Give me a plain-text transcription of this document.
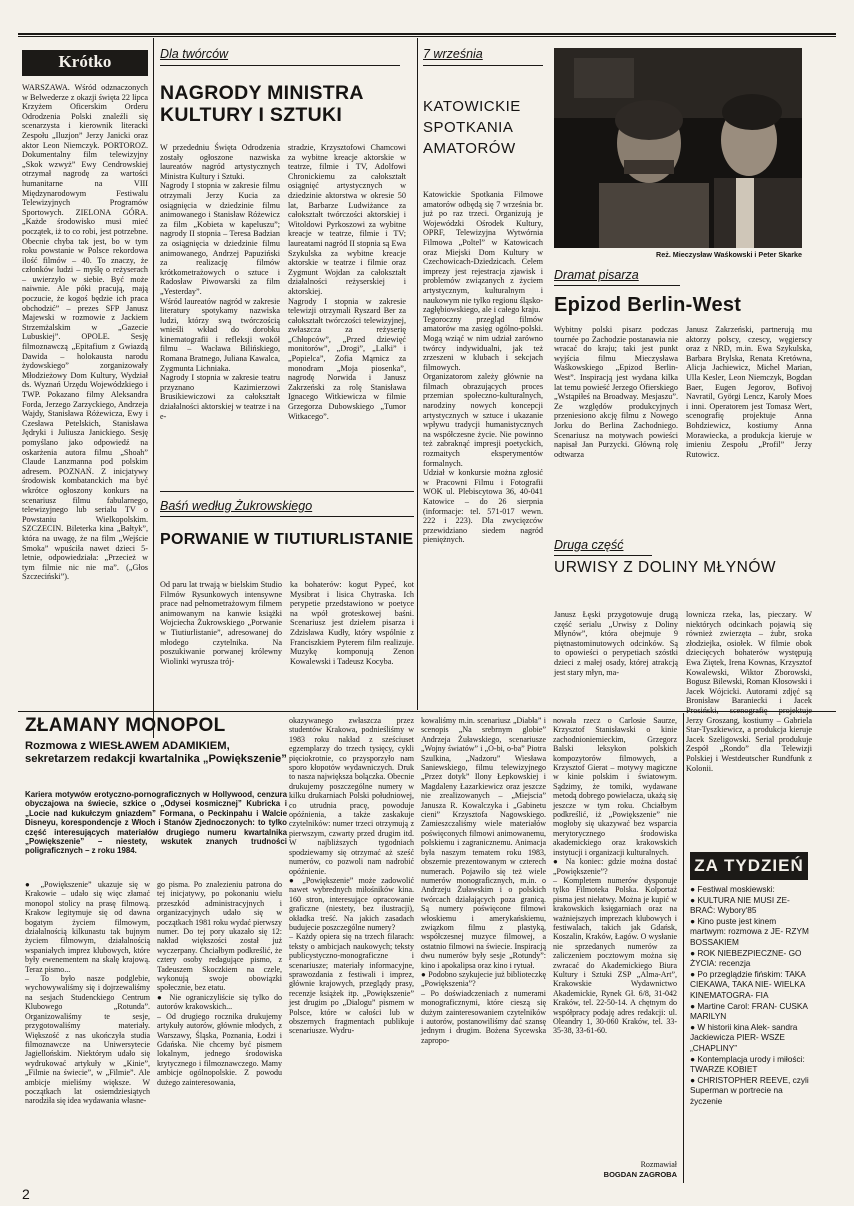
Krótko
WARSZAWA. Wśród odznaczonych w Belwederze z okazji święta 22 lipca Krzyżem Oficerskim Orderu Odrodzenia Polski znaleźli się scenarzysta i kierownik literacki Zespołu „Iluzjon” Jerzy Janicki oraz aktor Leon Niemczyk. PORTOROZ. Dokumentalny film telewizyjny „Skok wzwyż” Ewy Cendrowskiej otrzymał nagrodę za wartości humanitarne na VIII Międzynarodowym Festiwalu Telewizyjnych Programów Sportowych. ZIELONA GÓRA. „Każde środowisko musi mieć początek, iż to co robi, jest potrzebne. Obecnie chyba tak jest, bo w tym roku powstanie w Polsce rekordowa ilość filmów – 40. To znaczy, że członków ludzi – myślę o reżyserach – uwierzyło w siebie. Być może naiwnie. Ale póki pracują, mają poczucie, że kogoś będzie ich praca obchodzić” – prezes SFP Janusz Majewski w rozmowie z Jackiem Strzemżalskim w „Gazecie Lubuskiej”. OPOLE. Sesję filmoznawczą „Epitafium z Gwiazdą Dawida – holokausta narodu żydowskiego” zorganizowały Młodzieżowy Dom Kultury, Wydział ds. Wyznań Urzędu Wojewódzkiego i TWP. Pokazano filmy Aleksandra Forda, Jerzego Zarzyckiego, Andrzeja Wajdy, Stanisława Różewicza, Ewy i Czesława Petelskich, Stanisława Jędryki i Juliusza Janickiego. Sesję pomyślano jako odpowiedź na oskarżenia autora filmu „Shoah” Claude Lanzmanna pod polskim adresem. POZNAŃ. Z inicjatywy środowisk kombatanckich ma być wkrótce ogłoszony konkurs na scenariusz filmu fabularnego, telewizyjnego lub serialu TV o Powstaniu Wielkopolskim. SZCZECIN. Bileterka kina „Bałtyk”, która na uwagę, że na film „Wejście Smoka” wpuściła nawet dzieci 5-letnie, odpowiedziała: „Przecież w tym filmie nic nie ma”. („Głos Szczeciński”).
Dla twórców
NAGRODY MINISTRA KULTURY I SZTUKI
W przededniu Święta Odrodzenia zostały ogłoszone nazwiska laureatów nagród artystycznych Ministra Kultury i Sztuki.
Nagrody I stopnia w zakresie filmu otrzymali Jerzy Kucia za osiągnięcia w dziedzinie filmu animowanego i Stanisław Różewicz za film „Kobieta w kapeluszu”; nagrody II stopnia – Teresa Badzian za osiągnięcia w dziedzinie filmu animowanego, Andrzej Papuziński za realizację filmów krótkometrażowych o sztuce i Radosław Piwowarski za film „Yesterday”.
Wśród laureatów nagród w zakresie literatury spotykamy nazwiska ludzi, którzy swą twórczością wnieśli wkład do dorobku kinematografii i refleksji wokół filmu – Wacława Bilińskiego, Romana Bratnego, Juliana Kawalca, Zygmunta Lichniaka.
Nagrody I stopnia w zakresie teatru przyznano Kazimierzowi Brusikiewiczowi za całokształt działalności aktorskiej w teatrze i na e-
stradzie, Krzysztofowi Chamcowi za wybitne kreacje aktorskie w teatrze, filmie i TV, Adolfowi Chronickiemu za całokształt osiągnięć artystycznych w dziedzinie aktorstwa w okresie 50 lat, Barbarze Ludwiżance za całokształt twórczości aktorskiej i Witoldowi Pyrkoszowi za wybitne kreacje w teatrze, filmie i TV; laureatami nagród II stopnia są Ewa Szykulska za wybitne kreacje aktorskie w teatrze i filmie oraz Zygmunt Wojdan za całokształt działalności reżyserskiej i aktorskiej.
Nagrody I stopnia w zakresie telewizji otrzymali Ryszard Ber za całokształt twórczości telewizyjnej, zwłaszcza za reżyserię „Chłopców”, „Przed dziewięć monitorów”, „Drogi”, „Lalki” i „Popielca”, Zofia Mąrnicz za monodram „Moja piosenka”, nagrodę Norwida i Janusz Zakrzeński za rolę Stanisława Ignacego Witkiewicza w filmie Grzegorza Dubowskiego „Tumor Witkacego”.
Baśń według Żukrowskiego
PORWANIE W TIUTIURLISTANIE
Od paru lat trwają w bielskim Studio Filmów Rysunkowych intensywne prace nad pełnometrażowym filmem animowanym na kanwie książki Wojciecha Żukrowskiego „Porwanie w Tiutiurlistanie”, adresowanej do młodego czytelnika. Na poszukiwanie porwanej królewny Wiolinki wyrusza trój-
ka bohaterów: kogut Pypeć, kot Mysibrat i lisica Chytraska. Ich perypetie przedstawiono w poetyce na wpół groteskowej baśni. Scenariusz jest dziełem pisarza i Zdzisława Kudły, który wspólnie z Franciszkiem Pyterem film realizuje. Muzykę komponują Zenon Kowalewski i Tadeusz Kocyba.
7 września
KATOWICKIE SPOTKANIA AMATORÓW
Katowickie Spotkania Filmowe amatorów odbędą się 7 września br. już po raz trzeci. Organizują je Wojewódzki Ośrodek Kultury, OPRF, Telewizyjna Wytwórnia Filmowa „Poltel” w Katowicach oraz Miejski Dom Kultury w Czechowicach-Dziedzicach. Celem imprezy jest rejestracja zjawisk i problemów związanych z życiem artystycznym, kulturalnym i naukowym nie tylko regionu śląsko-zagłębiowskiego, ale i całego kraju.
Tegoroczny przegląd filmów amatorów ma zasięg ogólno-polski. Mogą wziąć w nim udział zarówno twórcy indywidualni, jak też zrzeszeni w klubach i sekcjach filmowych.
Organizatorom zależy głównie na filmach obrazujących proces przemian społeczno-kulturalnych, narodziny nowych koncepcji artystycznych w sztuce i ukazanie wpływu tradycji humanistycznych na współczesne życie. Nie powinno też zabraknąć impresji poetyckich, rozmaitych eksperymentów formalnych.
Udział w konkursie można zgłosić w Pracowni Filmu i Fotografii WOK ul. Plebiscytowa 36, 40-041 Katowice – do 26 sierpnia (informacje: tel. 571-017 wewn. 222 i 223). Dla zwycięzców przewidziano siedem nagród pieniężnych.
Reż. Mieczysław Waśkowski i Peter Skarke
Dramat pisarza
Epizod Berlin-West
Wybitny polski pisarz podczas tournée po Zachodzie postanawia nie wracać do kraju; taki jest punkt wyjścia filmu Mieczysława Waśkowskiego „Epizod Berlin-West”. Inspiracją jest wydana kilka lat temu powieść Jerzego Ofierskiego „Wstąpiłeś na Broadway. Mesjaszu”. Ze względów produkcyjnych przeniesiono akcję filmu z Nowego Jorku do Berlina Zachodniego. Scenariusz na motywach powieści napisał Jan Purzycki. Główną rolę odtwarza
Janusz Zakrzeński, partnerują mu aktorzy polscy, czescy, węgierscy oraz z NRD, m.in. Ewa Szykulska, Barbara Brylska, Renata Kretówna, Alicja Jachiewicz, Michel Marian, Ulla Kesler, Leon Niemczyk, Bogdan Baer, Eugen Jegorov, Bofivoj Navratil, Györgi Lencz, Karoly Moes i inni. Operatorem jest Tomasz Wert, scenografię projektuje Anna Bohdziewicz, kostiumy Anna Morawiecka, a produkcja kieruje w imieniu Zespołu „Profil” Jerzy Rutowicz.
Druga część
URWISY Z DOLINY MŁYNÓW
Janusz Łęski przygotowuje drugą część serialu „Urwisy z Doliny Młynów”, która obejmuje 9 piętnastominutowych odcinków. Są to opowieści o perypetiach szóstki dzieci z małej osady, której atrakcją jest stary młyn, ma-
lownicza rzeka, las, pieczary. W niektórych odcinkach pojawią się również zwierzęta – żubr, sroka złodziejka, osiołek. W filmie obok dziecięcych bohaterów występują Ewa Ziętek, Irena Kownas, Krzysztof Kowalewski, Wiktor Zborowski, Bogusz Bilewski, Roman Kłosowski i Jacek Wójcicki. Autorami zdjęć są Bronisław Baraniecki i Jacek Jerzy Groszang, kostiumy – Gabriela Star-Tyszkiewicz, a produkcja kieruje Jacek Szeligowski. Serial produkuje Zespół „Rondo” dla Telewizji Polskiej i Westdeutscher Rundfunk z Kolonii.
ZŁAMANY MONOPOL
Rozmowa z WIESŁAWEM ADAMIKIEM, sekretarzem redakcji kwartalnika „Powiększenie”
Kariera motywów erotyczno-pornograficznych w Hollywood, cenzura obyczajowa na świecie, szkice o „Odysei kosmicznej” Kubricka i „Locie nad kukułczym gniazdem” Formana, o Peckinpahu i Walcie Disneyu, korespondencje z Włoch i Stanów Zjednoczonych: to tylko część interesujących materiałów drugiego numeru kwartalnika „Powiększenie” – niestety, wskutek znanych trudności poligraficznych – z roku 1984.
● „Powiększenie” ukazuje się w Krakowie – udało się więc złamać monopol stolicy na prasę filmową. Krakow legitymuje się od dawna bogatym życiem filmowym, działalnością kilkunastu tak bujnym życiem filmowym, działalnością wspaniałych imprez klubowych, które były ewenementem na skalę krajową. Teraz pismo...
– To było nasze podglebie, wychowywaliśmy się i dojrzewaliśmy na sesjach Studenckiego Centrum Klubowego „Rotunda”. Organizowaliśmy te sesje, przygotowaliśmy materiały. Większość z nas ukończyła studia filmoznawcze na Uniwersytecie Jagiellońskim. Niektórym udało się wydrukować artykuły w „Kinie”, „Filmie na świecie”, w „Filmie”. Ale ambicje mieliśmy większe. W początkach lat osiemdziesiątych narodziła się idea wydawania własne-
go pisma. Po znalezieniu patrona do tej inicjatywy, po pokonaniu wielu przeszkód administracyjnych i organizacyjnych udało się w początkach 1981 roku wydać pierwszy numer. Do tej pory ukazało się 12: nakład większości został już wyczerpany. Chciałbym podkreślić, że cztery osoby redagujące pismo, z Tadeuszem Skoczkiem na czele, wykonują swoje obowiązki społecznie, bez etatu.
● Nie ograniczyliście się tylko do autorów krakowskich...
– Od drugiego rocznika drukujemy artykuły autorów, głównie młodych, z Warszawy, Śląska, Poznania, Łodzi i Gdańska. Nie chcemy być pismem lokalnym, jednego środowiska krytycznego i filmoznawczego. Mamy ambicje ogólnopolskie. Z powodu dużego zainteresowania,
okazywanego zwłaszcza przez studentów Krakowa, podnieśliśmy w 1983 roku nakład z sześciuset egzemplarzy do trzech tysięcy, cykli pięciokrotnie, co przysporzyło nam sporo kłopotów wydawniczych. Druk to nasza największa bolączka. Obecnie drukujemy poszczególne numery w kilku drukarniach Polski południowej, co utrudnia pracę, powoduje opóźnienia, a także zaskakuje czytelników: numer trzeci otrzymują z pierwszym, czwarty przed drugim itd. W najbliższych tygodniach spodziewamy się otrzymać aż sześć numerów, co pozwoli nam nadrobić opóźnienie.
● „Powiększenie” może zadowolić nawet wybrednych miłośników kina. 160 stron, interesujące opracowanie graficzne (niestety, bez ilustracji), okładka treść. Na jakich zasadach budujecie poszczególne numery?
– Każdy opiera się na trzech filarach: teksty o ambicjach naukowych; teksty publicystyczno-monograficzne i scenariusze; materiały informacyjne, sprawozdania z festiwali i imprez, głównie krajowych, przeglądy prasy, recenzje książek itp. „Powiększenie” jest drugim po „Dialogu” pismem w Polsce, które w całości lub w obszernych fragmentach publikuje scenariusze. Wydru-
kowaliśmy m.in. scenariusz „Diabła” i scenopis „Na srebrnym globie” Andrzeja Żuławskiego, scenariusze „Wojny światów” i „O-bi, o-ba” Piotra Szulkina, „Nadzoru” Wiesława Saniewskiego, filmu telewizyjnego „Przez dotyk” Ilony Łepkowskiej i Magdaleny Łazarkiewicz oraz jeszcze nie zrealizowanych – „Miejscia” Janusza R. Kowalczyka i „Gabinetu cieni” Krzysztofa Nagowskiego. Zamieszczaliśmy wiele materiałów poświęconych filmowi animowanemu, polskiemu i zagranicznemu. Animacja była naszym tematem roku 1983, obszernie prezentowanym w czterech numerach. Pojawiło się też wiele numerów monograficznych, m.in. o Andrzeju Żuławskim i o polskich twórcach działających poza granicą. Są numery poświęcone filmowi włoskiemu i amerykańskiemu, związkom filmu z plastyką, współczesnej muzyce filmowej, a ostatnio filmowi na świecie. Inspiracją dwu numerów były sesje „Rotundy”: kino i apokalipsa oraz kino i rytuał.
● Podobno szykujecie już biblioteczkę „Powiększenia”?
– Po doświadczeniach z numerami monograficznymi, które cieszą się dużym zainteresowaniem czytelników i autorów, postanowiliśmy dać szansę jednym i drugim. Bożena Sycewska zapropo-
nowała rzecz o Carlosie Saurze, Krzysztof Stanisławski o kinie zachodnioniemieckim, Grzegorz Balski leksykon polskich kompozytorów filmowych, a Krzysztof Gierat – motywy magiczne w kinie polskim i światowym. Sądzimy, że tomiki, wydawane metodą dobrego powielacza, ukażą się jeszcze w tym roku. Chciałbym podkreślić, iż „Powiększenie” nie mogłoby się ukazywać bez wsparcia merytorycznego środowiska akademickiego oraz krakowskich instytucji i organizacji kulturalnych.
● Na koniec: gdzie można dostać „Powiększenie”?
– Kompletem numerów dysponuje tylko Filmoteka Polska. Kolportaż pisma jest niełatwy. Można je kupić w krakowskich księgarniach oraz na ważniejszych imprezach klubowych i festiwalach, takich jak Gdańsk, Koszalin, Kraków, Łagów. O wysłanie nie sprzedanych numerów za zaliczeniem pocztowym można się zwracać do Akademickiego Biura Kultury i Sztuki ZSP „Alma-Art”, Krakowskie Wydawnictwo Akademickie, Rynek Gł. 6/8, 31-042 Kraków, tel. 22-50-14. A chętnym do współpracy podaję adres redakcji: ul. Oleandry 1, 30-060 Kraków, tel. 33-35-38, 33-61-60.
Rozmawiał
BOGDAN ZAGROBA
ZA TYDZIEŃ
● Festiwal moskiewski:
● KULTURA NIE MUSI ZE- BRAĆ: Wybory'85
● Kino puste jest kinem martwym: rozmowa z JE- RZYM BOSSAKIEM
● ROK NIEBEZPIECZNE- GO ŻYCIA: recenzja
● Po przeglądzie fińskim: TAKA CIEKAWA, TAKA NIE- WIELKA KINEMATOGRA- FIA
● Martine Carol: FRAN- CUSKA MARILYN
● W historii kina Alek- sandra Jackiewicza PIER- WSZE „CHAPLINY”
● Kontemplacja urody i miłości: TWARZE KOBIET
● CHRISTOPHER REEVE, czyli Superman w portrecie na życzenie
2
